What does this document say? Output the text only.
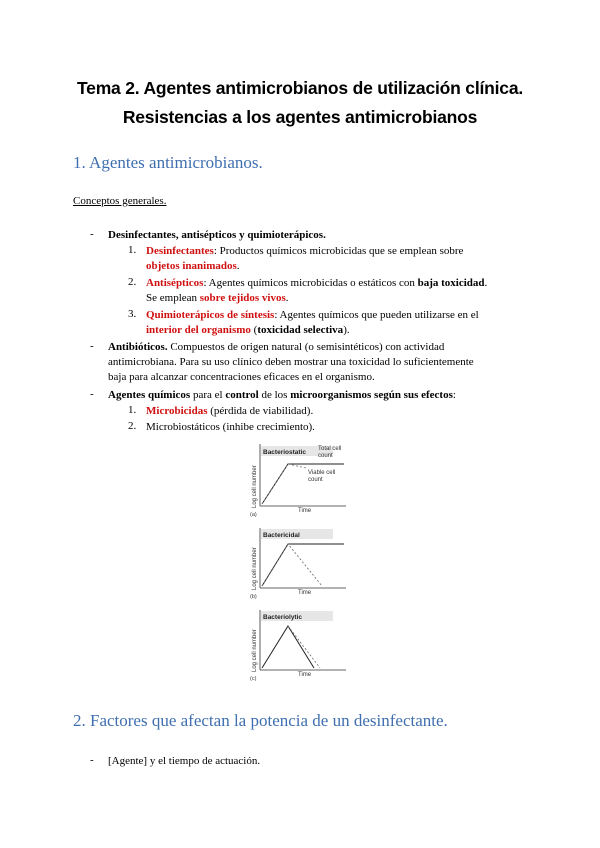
Tema 2. Agentes antimicrobianos de utilización clínica.
Resistencias a los agentes antimicrobianos
1. Agentes antimicrobianos.
Conceptos generales.
- Desinfectantes, antisépticos y quimioterápicos.
1. Desinfectantes: Productos químicos microbicidas que se emplean sobre
objetos inanimados.
2. Antisépticos: Agentes químicos microbicidas o estáticos con baja toxicidad.
Se emplean sobre tejidos vivos.
3. Quimioterápicos de síntesis: Agentes químicos que pueden utilizarse en el
interior del organismo (toxicidad selectiva).
- Antibióticos. Compuestos de origen natural (o semisintéticos) con actividad
antimicrobiana. Para su uso clínico deben mostrar una toxicidad lo suficientemente
baja para alcanzar concentraciones eficaces en el organismo.
- Agentes químicos para el control de los microorganismos según sus efectos:
1. Microbicidas (pérdida de viabilidad).
2. Microbiostáticos (inhibe crecimiento).
Log cell number
Bacteriostatic Total cell
count
Viable cell
count
Time
(a)
Log cell number
Bactericidal
Time
(b)
Log cell number
Bacteriolytic
Time
(c)
2. Factores que afectan la potencia de un desinfectante.
- [Agente] y el tiempo de actuación.
